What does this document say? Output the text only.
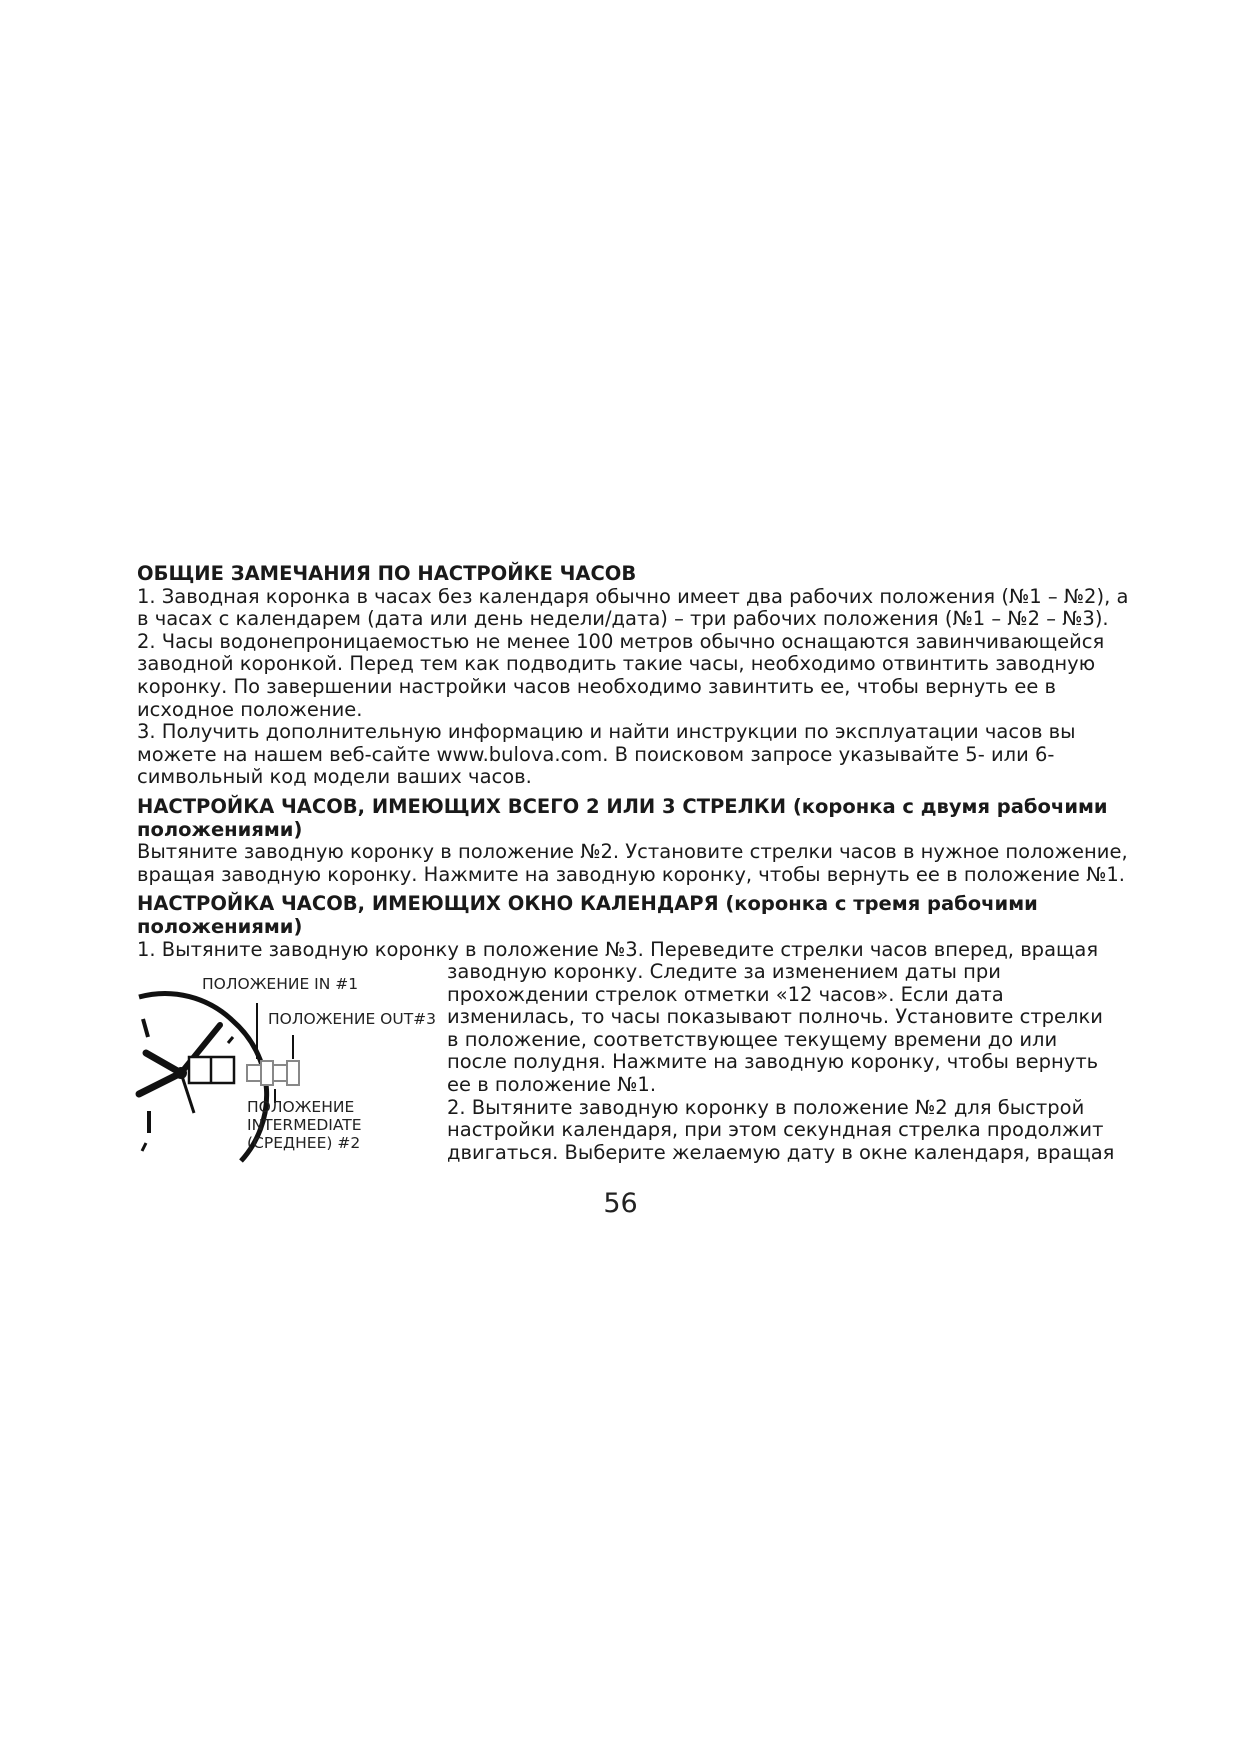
ОБЩИЕ ЗАМЕЧАНИЯ ПО НАСТРОЙКЕ ЧАСОВ

1. Заводная коронка в часах без календаря обычно имеет два рабочих положения (№1 – №2), а

в часах с календарем (дата или день недели/дата) – три рабочих положения (№1 – №2 – №3).

2. Часы водонепроницаемостью не менее 100 метров обычно оснащаются завинчивающейся

заводной коронкой. Перед тем как подводить такие часы, необходимо отвинтить заводную

коронку. По завершении настройки часов необходимо завинтить ее, чтобы вернуть ее в

исходное положение.

3. Получить дополнительную информацию и найти инструкции по эксплуатации часов вы

можете на нашем веб-сайте www.bulova.com. В поисковом запросе указывайте 5- или 6-

символьный код модели ваших часов.

НАСТРОЙКА ЧАСОВ, ИМЕЮЩИХ ВСЕГО 2 ИЛИ 3 СТРЕЛКИ (коронка с двумя рабочими
положениями)

Вытяните заводную коронку в положение №2. Установите стрелки часов в нужное положение,

вращая заводную коронку. Нажмите на заводную коронку, чтобы вернуть ее в положение №1.

НАСТРОЙКА ЧАСОВ, ИМЕЮЩИХ ОКНО КАЛЕНДАРЯ (коронка с тремя рабочими
положениями)

1. Вытяните заводную коронку в положение №3. Переведите стрелки часов вперед, вращая

ПОЛОЖЕНИЕ IN #1
ПОЛОЖЕНИЕ OUT#3
ПОЛОЖЕНИЕ
INTERMEDIATE
(СРЕДНЕЕ) #2

заводную коронку. Следите за изменением даты при

прохождении стрелок отметки «12 часов». Если дата

изменилась, то часы показывают полночь. Установите стрелки

в положение, соответствующее текущему времени до или

после полудня. Нажмите на заводную коронку, чтобы вернуть

ее в положение №1.

2. Вытяните заводную коронку в положение №2 для быстрой

настройки календаря, при этом секундная стрелка продолжит

двигаться. Выберите желаемую дату в окне календаря, вращая

56
